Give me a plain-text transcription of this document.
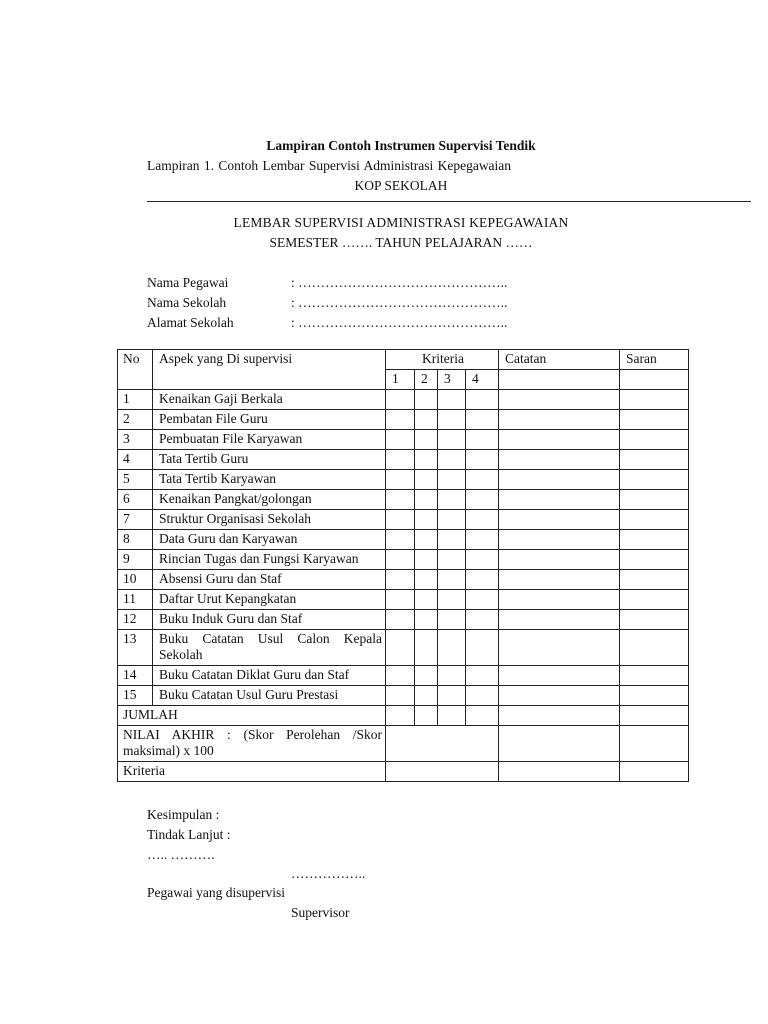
Lampiran Contoh Instrumen Supervisi Tendik
Lampiran 1. Contoh Lembar Supervisi Administrasi Kepegawaian
KOP SEKOLAH
LEMBAR SUPERVISI ADMINISTRASI KEPEGAWAIAN
SEMESTER ……. TAHUN PELAJARAN ……
Nama Pegawai	: ………………………………………..
Nama Sekolah	: ………………………………………..
Alamat Sekolah	: ………………………………………..
No	Aspek yang Di supervisi	Kriteria				Catatan	Saran
		1	2	3	4		
1	Kenaikan Gaji Berkala						
2	Pembatan File Guru						
3	Pembuatan File Karyawan						
4	Tata Tertib Guru						
5	Tata Tertib Karyawan						
6	Kenaikan Pangkat/golongan						
7	Struktur Organisasi Sekolah						
8	Data Guru dan Karyawan						
9	Rincian Tugas dan Fungsi Karyawan						
10	Absensi Guru dan Staf						
11	Daftar Urut Kepangkatan						
12	Buku Induk Guru dan Staf						
13	Buku Catatan Usul Calon Kepala Sekolah						
14	Buku Catatan Diklat Guru dan Staf						
15	Buku Catatan Usul Guru Prestasi						
JUMLAH							
NILAI AKHIR : (Skor Perolehan /Skor maksimal) x 100							
Kriteria							
Kesimpulan :
Tindak Lanjut :
….. ……….
……………..
Pegawai yang disupervisi
Supervisor
